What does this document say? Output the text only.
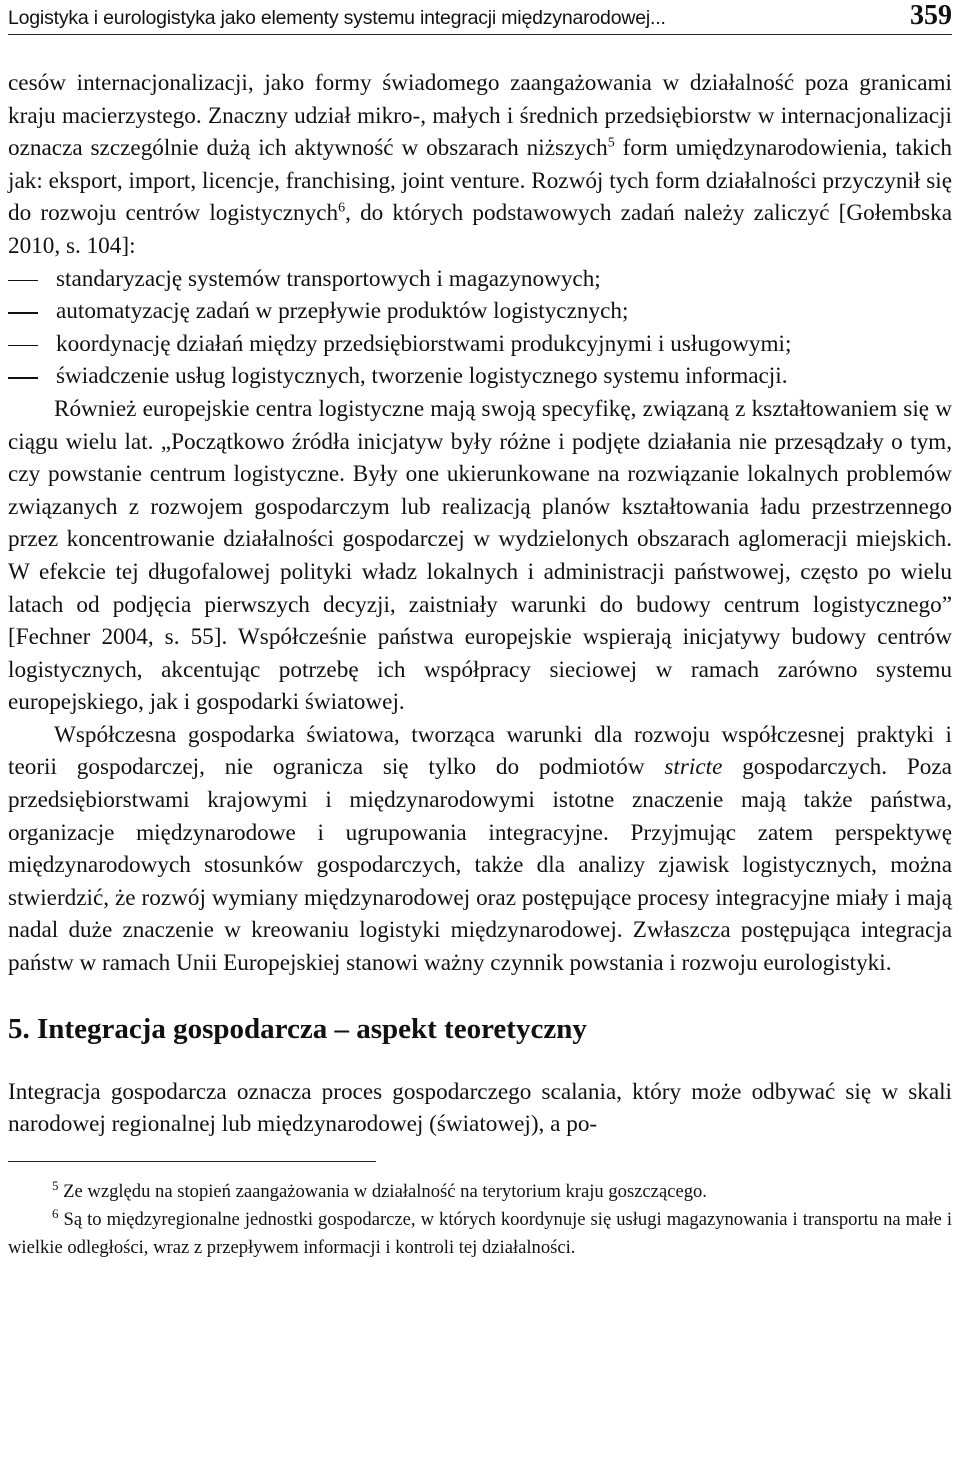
Logistyka i eurologistyka jako elementy systemu integracji międzynarodowej...	359

cesów internacjonalizacji, jako formy świadomego zaangażowania w działalność poza granicami kraju macierzystego. Znaczny udział mikro-, małych i średnich przedsiębiorstw w internacjonalizacji oznacza szczególnie dużą ich aktywność w obszarach niższych$^5$ form umiędzynarodowienia, takich jak: eksport, import, licencje, franchising, joint venture. Rozwój tych form działalności przyczynił się do rozwoju centrów logistycznych$^6$, do których podstawowych zadań należy zaliczyć [Gołembska 2010, s. 104]:

standaryzację systemów transportowych i magazynowych;
automatyzację zadań w przepływie produktów logistycznych;
koordynację działań między przedsiębiorstwami produkcyjnymi i usługowymi;
świadczenie usług logistycznych, tworzenie logistycznego systemu informacji.

Również europejskie centra logistyczne mają swoją specyfikę, związaną z kształtowaniem się w ciągu wielu lat. „Początkowo źródła inicjatyw były różne i podjęte działania nie przesądzały o tym, czy powstanie centrum logistyczne. Były one ukierunkowane na rozwiązanie lokalnych problemów związanych z rozwojem gospodarczym lub realizacją planów kształtowania ładu przestrzennego przez koncentrowanie działalności gospodarczej w wydzielonych obszarach aglomeracji miejskich. W efekcie tej długofalowej polityki władz lokalnych i administracji państwowej, często po wielu latach od podjęcia pierwszych decyzji, zaistniały warunki do budowy centrum logistycznego” [Fechner 2004, s. 55]. Współcześnie państwa europejskie wspierają inicjatywy budowy centrów logistycznych, akcentując potrzebę ich współpracy sieciowej w ramach zarówno systemu europejskiego, jak i gospodarki światowej.

Współczesna gospodarka światowa, tworząca warunki dla rozwoju współczesnej praktyki i teorii gospodarczej, nie ogranicza się tylko do podmiotów stricte gospodarczych. Poza przedsiębiorstwami krajowymi i międzynarodowymi istotne znaczenie mają także państwa, organizacje międzynarodowe i ugrupowania integracyjne. Przyjmując zatem perspektywę międzynarodowych stosunków gospodarczych, także dla analizy zjawisk logistycznych, można stwierdzić, że rozwój wymiany międzynarodowej oraz postępujące procesy integracyjne miały i mają nadal duże znaczenie w kreowaniu logistyki międzynarodowej. Zwłaszcza postępująca integracja państw w ramach Unii Europejskiej stanowi ważny czynnik powstania i rozwoju eurologistyki.

5. Integracja gospodarcza – aspekt teoretyczny

Integracja gospodarcza oznacza proces gospodarczego scalania, który może odbywać się w skali narodowej regionalnej lub międzynarodowej (światowej), a po-

$^5$ Ze względu na stopień zaangażowania w działalność na terytorium kraju goszczącego.

$^6$ Są to międzyregionalne jednostki gospodarcze, w których koordynuje się usługi magazynowania i transportu na małe i wielkie odległości, wraz z przepływem informacji i kontroli tej działalności.
